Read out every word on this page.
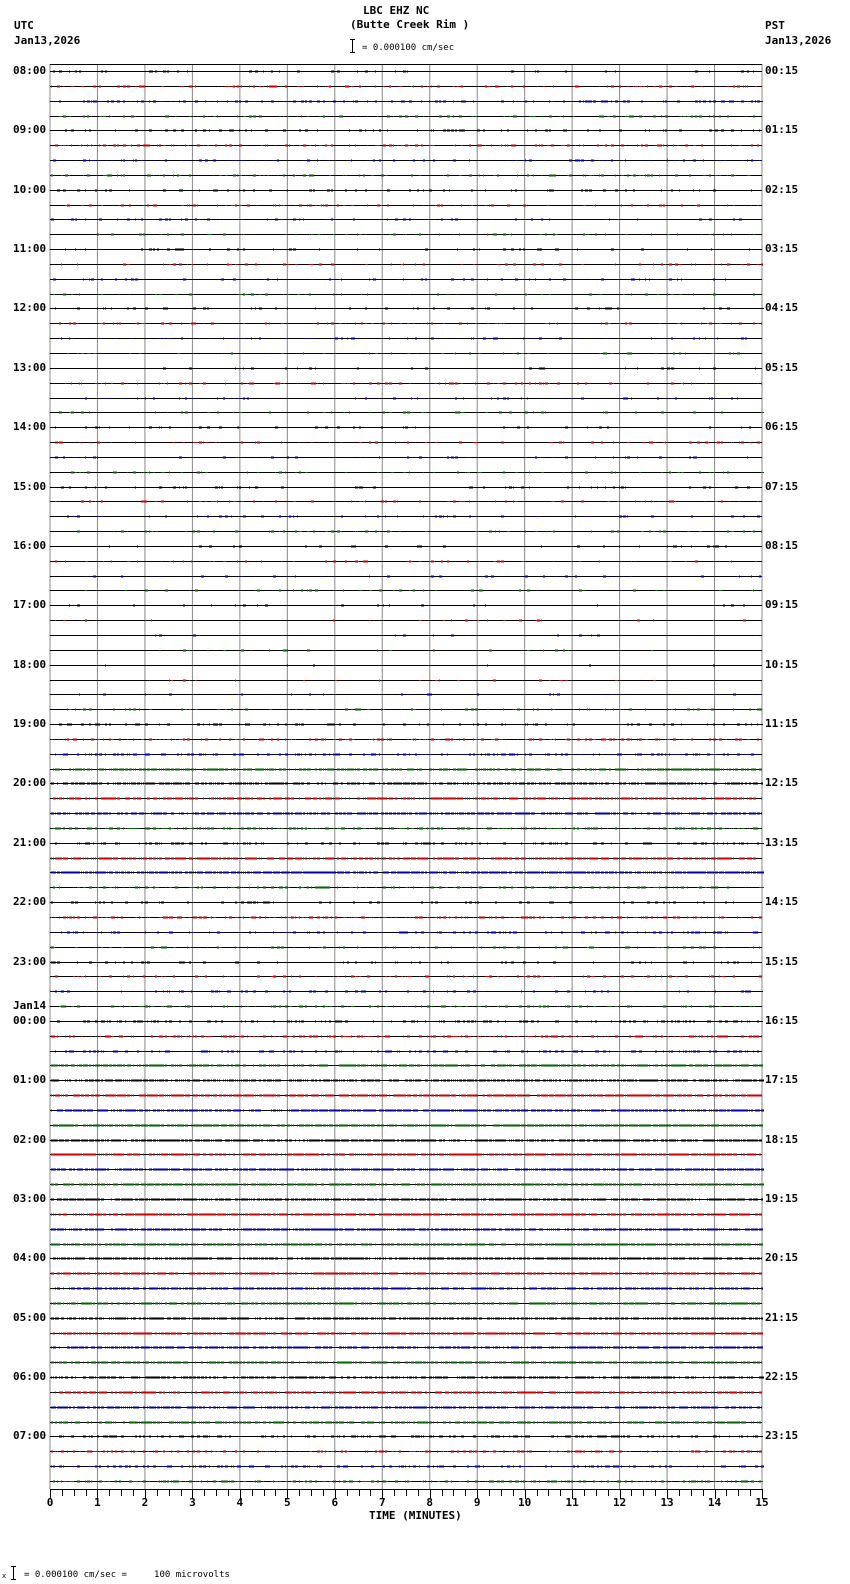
LBC EHZ NC
(Butte Creek Rim )
UTC
Jan13,2026
PST
Jan13,2026
= 0.000100 cm/sec
08:00
09:00
10:00
11:00
12:00
13:00
14:00
15:00
16:00
17:00
18:00
19:00
20:00
21:00
22:00
23:00
00:00
01:00
02:00
03:00
04:00
05:00
06:00
07:00
Jan14
00:15
01:15
02:15
03:15
04:15
05:15
06:15
07:15
08:15
09:15
10:15
11:15
12:15
13:15
14:15
15:15
16:15
17:15
18:15
19:15
20:15
21:15
22:15
23:15
0	1	2	3	4	5	6	7	8	9	10	11	12	13	14	15
TIME (MINUTES)
x = 0.000100 cm/sec =     100 microvolts
